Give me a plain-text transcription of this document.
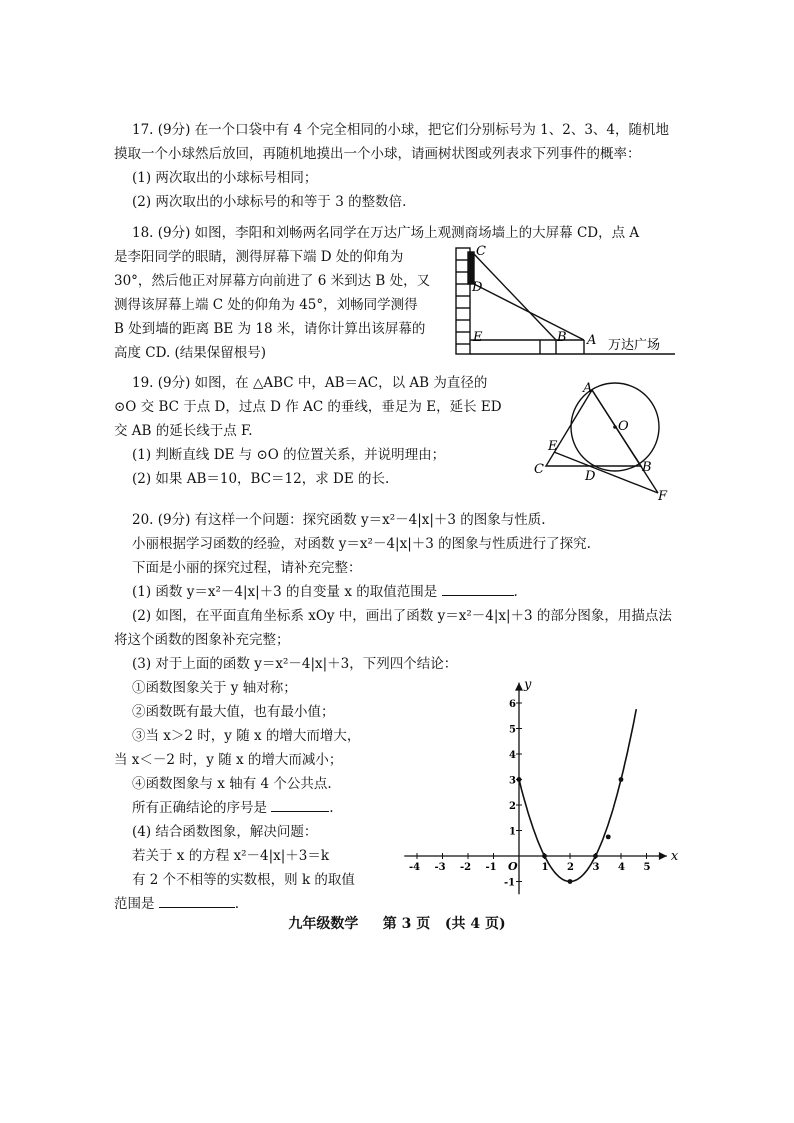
17. (9分) 在一个口袋中有 4 个完全相同的小球，把它们分别标号为 1、2、3、4，随机地
摸取一个小球然后放回，再随机地摸出一个小球，请画树状图或列表求下列事件的概率：
(1) 两次取出的小球标号相同；
(2) 两次取出的小球标号的和等于 3 的整数倍.
18. (9分) 如图，李阳和刘畅两名同学在万达广场上观测商场墙上的大屏幕 CD，点 A
是李阳同学的眼睛，测得屏幕下端 D 处的仰角为
30°，然后他正对屏幕方向前进了 6 米到达 B 处，又
测得该屏幕上端 C 处的仰角为 45°，刘畅同学测得
B 处到墙的距离 BE 为 18 米，请你计算出该屏幕的
高度 CD. (结果保留根号)
C
D
E	B A 万达广场
19. (9分) 如图，在 △ABC 中，AB＝AC，以 AB 为直径的
⊙O 交 BC 于点 D，过点 D 作 AC 的垂线，垂足为 E，延长 ED
交 AB 的延长线于点 F.
(1) 判断直线 DE 与 ⊙O 的位置关系，并说明理由；
(2) 如果 AB＝10，BC＝12，求 DE 的长.
A
O
E
C	D
B
F
20. (9分) 有这样一个问题：探究函数 y＝x²－4|x|＋3 的图象与性质.
小丽根据学习函数的经验，对函数 y＝x²－4|x|＋3 的图象与性质进行了探究.
下面是小丽的探究过程，请补充完整：
(1) 函数 y＝x²－4|x|＋3 的自变量 x 的取值范围是	.
(2) 如图，在平面直角坐标系 xOy 中，画出了函数 y＝x²－4|x|＋3 的部分图象，用描点法
将这个函数的图象补充完整；
(3) 对于上面的函数 y＝x²－4|x|＋3，下列四个结论：
①函数图象关于 y 轴对称；
②函数既有最大值，也有最小值；
③当 x＞2 时，y 随 x 的增大而增大，
当 x＜－2 时，y 随 x 的增大而减小；
④函数图象与 x 轴有 4 个公共点.
所有正确结论的序号是	.
(4) 结合函数图象，解决问题：
若关于 x 的方程 x²－4|x|＋3＝k
有 2 个不相等的实数根，则 k 的取值
范围是	.
x
y
O
-4 -3 -2 -1	1 2 3 4 5
-1
1
2
3
4
5
6
九年级数学 第 3 页 (共 4 页)
